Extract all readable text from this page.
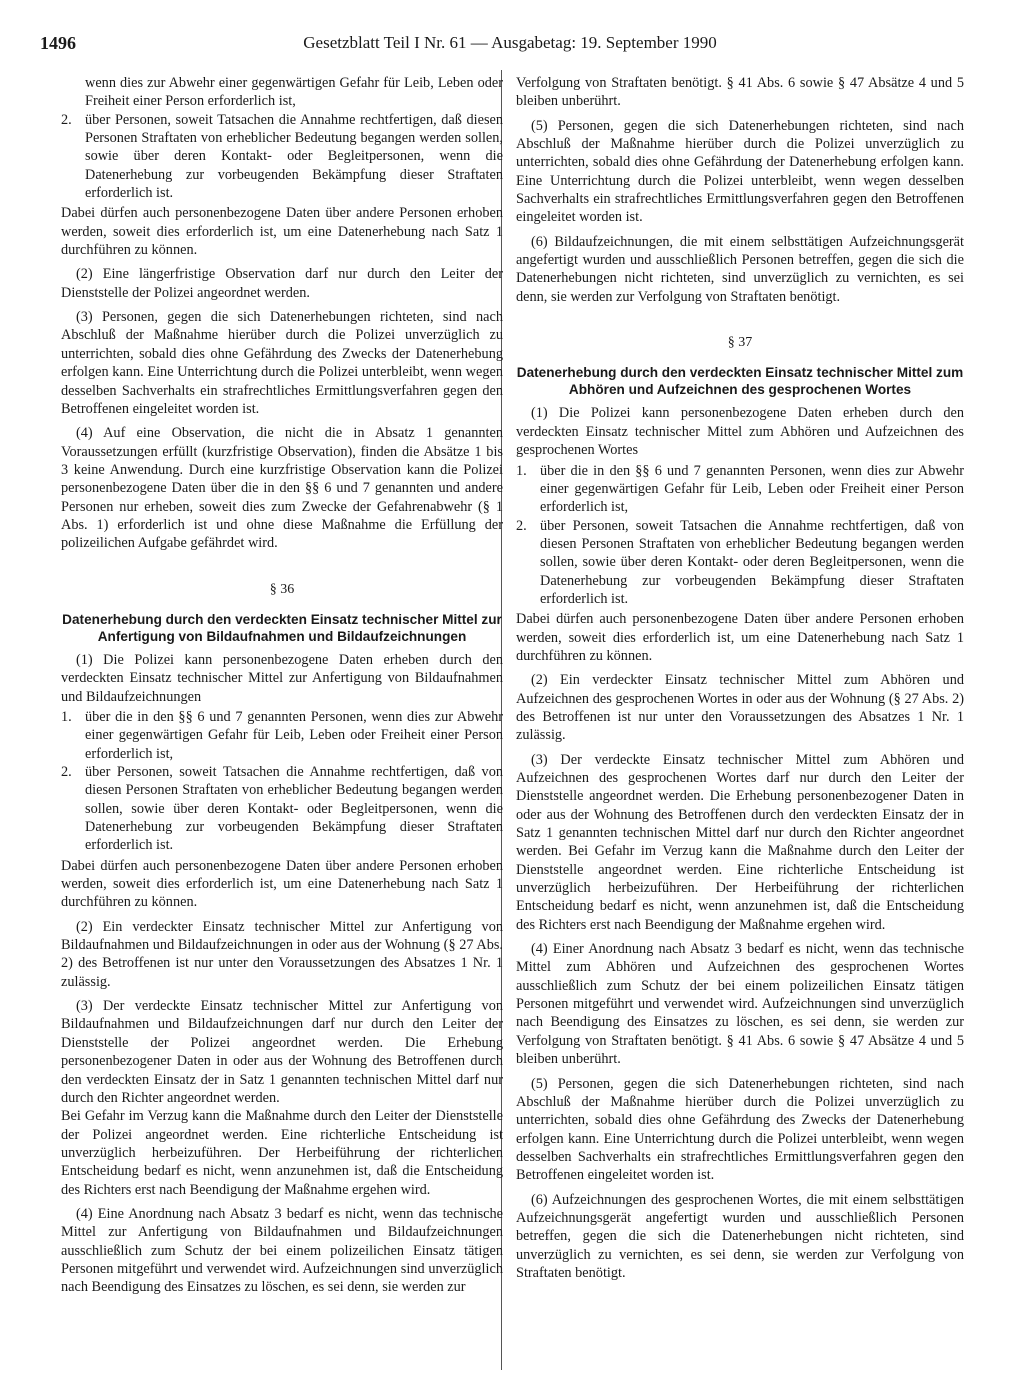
1496	Gesetzblatt Teil I Nr. 61 — Ausgabetag: 19. September 1990
wenn dies zur Abwehr einer gegenwärtigen Gefahr für Leib, Leben oder Freiheit einer Person erforderlich ist,
2. über Personen, soweit Tatsachen die Annahme rechtfertigen, daß diesen Personen Straftaten von erheblicher Bedeutung begangen werden sollen, sowie über deren Kontakt- oder Begleitpersonen, wenn die Datenerhebung zur vorbeugenden Bekämpfung dieser Straftaten erforderlich ist.

Dabei dürfen auch personenbezogene Daten über andere Personen erhoben werden, soweit dies erforderlich ist, um eine Datenerhebung nach Satz 1 durchführen zu können.

(2) Eine längerfristige Observation darf nur durch den Leiter der Dienststelle der Polizei angeordnet werden.

(3) Personen, gegen die sich Datenerhebungen richteten, sind nach Abschluß der Maßnahme hierüber durch die Polizei unverzüglich zu unterrichten, sobald dies ohne Gefährdung des Zwecks der Datenerhebung erfolgen kann. Eine Unterrichtung durch die Polizei unterbleibt, wenn wegen desselben Sachverhalts ein strafrechtliches Ermittlungsverfahren gegen den Betroffenen eingeleitet worden ist.

(4) Auf eine Observation, die nicht die in Absatz 1 genannten Voraussetzungen erfüllt (kurzfristige Observation), finden die Absätze 1 bis 3 keine Anwendung. Durch eine kurzfristige Observation kann die Polizei personenbezogene Daten über die in den §§ 6 und 7 genannten und andere Personen nur erheben, soweit dies zum Zwecke der Gefahrenabwehr (§ 1 Abs. 1) erforderlich ist und ohne diese Maßnahme die Erfüllung der polizeilichen Aufgabe gefährdet wird.

§ 36
Datenerhebung durch den verdeckten Einsatz technischer Mittel zur Anfertigung von Bildaufnahmen und Bildaufzeichnungen

(1) Die Polizei kann personenbezogene Daten erheben durch den verdeckten Einsatz technischer Mittel zur Anfertigung von Bildaufnahmen und Bildaufzeichnungen

1. über die in den §§ 6 und 7 genannten Personen, wenn dies zur Abwehr einer gegenwärtigen Gefahr für Leib, Leben oder Freiheit einer Person erforderlich ist,
2. über Personen, soweit Tatsachen die Annahme rechtfertigen, daß von diesen Personen Straftaten von erheblicher Bedeutung begangen werden sollen, sowie über deren Kontakt- oder Begleitpersonen, wenn die Datenerhebung zur vorbeugenden Bekämpfung dieser Straftaten erforderlich ist.

Dabei dürfen auch personenbezogene Daten über andere Personen erhoben werden, soweit dies erforderlich ist, um eine Datenerhebung nach Satz 1 durchführen zu können.

(2) Ein verdeckter Einsatz technischer Mittel zur Anfertigung von Bildaufnahmen und Bildaufzeichnungen in oder aus der Wohnung (§ 27 Abs. 2) des Betroffenen ist nur unter den Voraussetzungen des Absatzes 1 Nr. 1 zulässig.

(3) Der verdeckte Einsatz technischer Mittel zur Anfertigung von Bildaufnahmen und Bildaufzeichnungen darf nur durch den Leiter der Dienststelle der Polizei angeordnet werden. Die Erhebung personenbezogener Daten in oder aus der Wohnung des Betroffenen durch den verdeckten Einsatz der in Satz 1 genannten technischen Mittel darf nur durch den Richter angeordnet werden.

Bei Gefahr im Verzug kann die Maßnahme durch den Leiter der Dienststelle der Polizei angeordnet werden. Eine richterliche Entscheidung ist unverzüglich herbeizuführen. Der Herbeiführung der richterlichen Entscheidung bedarf es nicht, wenn anzunehmen ist, daß die Entscheidung des Richters erst nach Beendigung der Maßnahme ergehen wird.

(4) Eine Anordnung nach Absatz 3 bedarf es nicht, wenn das technische Mittel zur Anfertigung von Bildaufnahmen und Bildaufzeichnungen ausschließlich zum Schutz der bei einem polizeilichen Einsatz tätigen Personen mitgeführt und verwendet wird. Aufzeichnungen sind unverzüglich nach Beendigung des Einsatzes zu löschen, es sei denn, sie werden zur

Verfolgung von Straftaten benötigt. § 41 Abs. 6 sowie § 47 Absätze 4 und 5 bleiben unberührt.

(5) Personen, gegen die sich Datenerhebungen richteten, sind nach Abschluß der Maßnahme hierüber durch die Polizei unverzüglich zu unterrichten, sobald dies ohne Gefährdung der Datenerhebung erfolgen kann. Eine Unterrichtung durch die Polizei unterbleibt, wenn wegen desselben Sachverhalts ein strafrechtliches Ermittlungsverfahren gegen den Betroffenen eingeleitet worden ist.

(6) Bildaufzeichnungen, die mit einem selbsttätigen Aufzeichnungsgerät angefertigt wurden und ausschließlich Personen betreffen, gegen die sich die Datenerhebungen nicht richteten, sind unverzüglich zu vernichten, es sei denn, sie werden zur Verfolgung von Straftaten benötigt.

§ 37
Datenerhebung durch den verdeckten Einsatz technischer Mittel zum Abhören und Aufzeichnen des gesprochenen Wortes

(1) Die Polizei kann personenbezogene Daten erheben durch den verdeckten Einsatz technischer Mittel zum Abhören und Aufzeichnen des gesprochenen Wortes

1. über die in den §§ 6 und 7 genannten Personen, wenn dies zur Abwehr einer gegenwärtigen Gefahr für Leib, Leben oder Freiheit einer Person erforderlich ist,
2. über Personen, soweit Tatsachen die Annahme rechtfertigen, daß von diesen Personen Straftaten von erheblicher Bedeutung begangen werden sollen, sowie über deren Kontakt- oder deren Begleitpersonen, wenn die Datenerhebung zur vorbeugenden Bekämpfung dieser Straftaten erforderlich ist.

Dabei dürfen auch personenbezogene Daten über andere Personen erhoben werden, soweit dies erforderlich ist, um eine Datenerhebung nach Satz 1 durchführen zu können.

(2) Ein verdeckter Einsatz technischer Mittel zum Abhören und Aufzeichnen des gesprochenen Wortes in oder aus der Wohnung (§ 27 Abs. 2) des Betroffenen ist nur unter den Voraussetzungen des Absatzes 1 Nr. 1 zulässig.

(3) Der verdeckte Einsatz technischer Mittel zum Abhören und Aufzeichnen des gesprochenen Wortes darf nur durch den Leiter der Dienststelle angeordnet werden. Die Erhebung personenbezogener Daten in oder aus der Wohnung des Betroffenen durch den verdeckten Einsatz der in Satz 1 genannten technischen Mittel darf nur durch den Richter angeordnet werden. Bei Gefahr im Verzug kann die Maßnahme durch den Leiter der Dienststelle angeordnet werden. Eine richterliche Entscheidung ist unverzüglich herbeizuführen. Der Herbeiführung der richterlichen Entscheidung bedarf es nicht, wenn anzunehmen ist, daß die Entscheidung des Richters erst nach Beendigung der Maßnahme ergehen wird.

(4) Einer Anordnung nach Absatz 3 bedarf es nicht, wenn das technische Mittel zum Abhören und Aufzeichnen des gesprochenen Wortes ausschließlich zum Schutz der bei einem polizeilichen Einsatz tätigen Personen mitgeführt und verwendet wird. Aufzeichnungen sind unverzüglich nach Beendigung des Einsatzes zu löschen, es sei denn, sie werden zur Verfolgung von Straftaten benötigt. § 41 Abs. 6 sowie § 47 Absätze 4 und 5 bleiben unberührt.

(5) Personen, gegen die sich Datenerhebungen richteten, sind nach Abschluß der Maßnahme hierüber durch die Polizei unverzüglich zu unterrichten, sobald dies ohne Gefährdung des Zwecks der Datenerhebung erfolgen kann. Eine Unterrichtung durch die Polizei unterbleibt, wenn wegen desselben Sachverhalts ein strafrechtliches Ermittlungsverfahren gegen den Betroffenen eingeleitet worden ist.

(6) Aufzeichnungen des gesprochenen Wortes, die mit einem selbsttätigen Aufzeichnungsgerät angefertigt wurden und ausschließlich Personen betreffen, gegen die sich die Datenerhebungen nicht richteten, sind unverzüglich zu vernichten, es sei denn, sie werden zur Verfolgung von Straftaten benötigt.
